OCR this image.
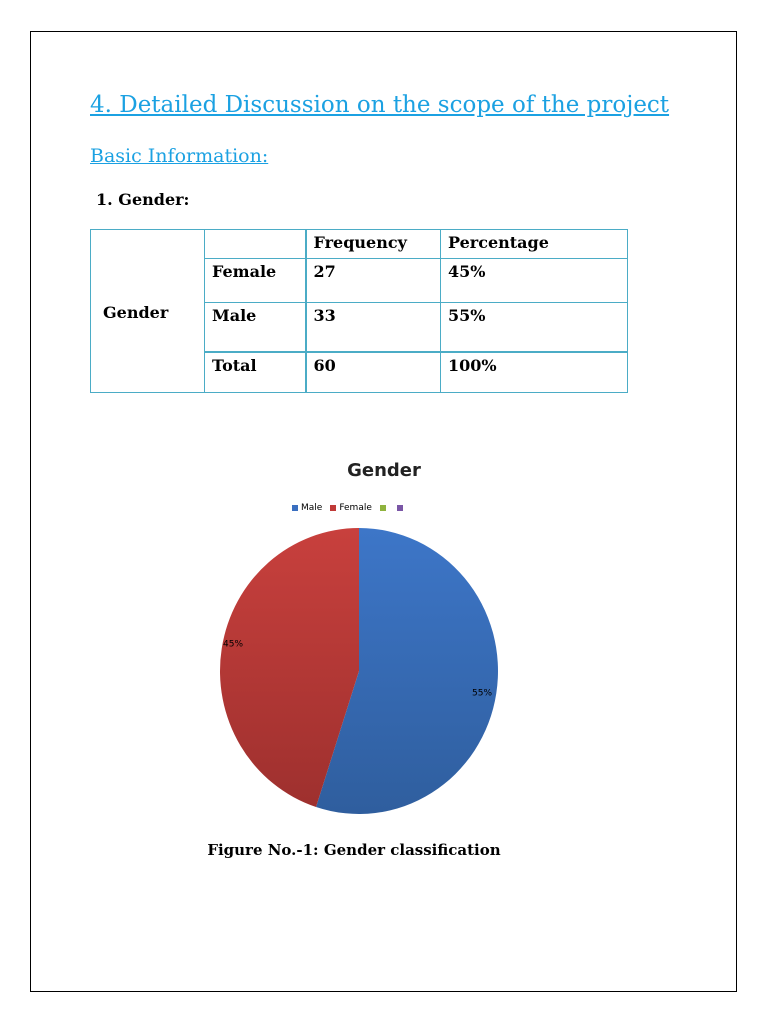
4. Detailed Discussion on the scope of the project
Basic Information:

1. Gender:

Gender		Frequency	Percentage
	Female	27	45%
	Male	33	55%
	Total	60	100%
Gender
Male Female
55%
45%
Figure No.-1: Gender classification
